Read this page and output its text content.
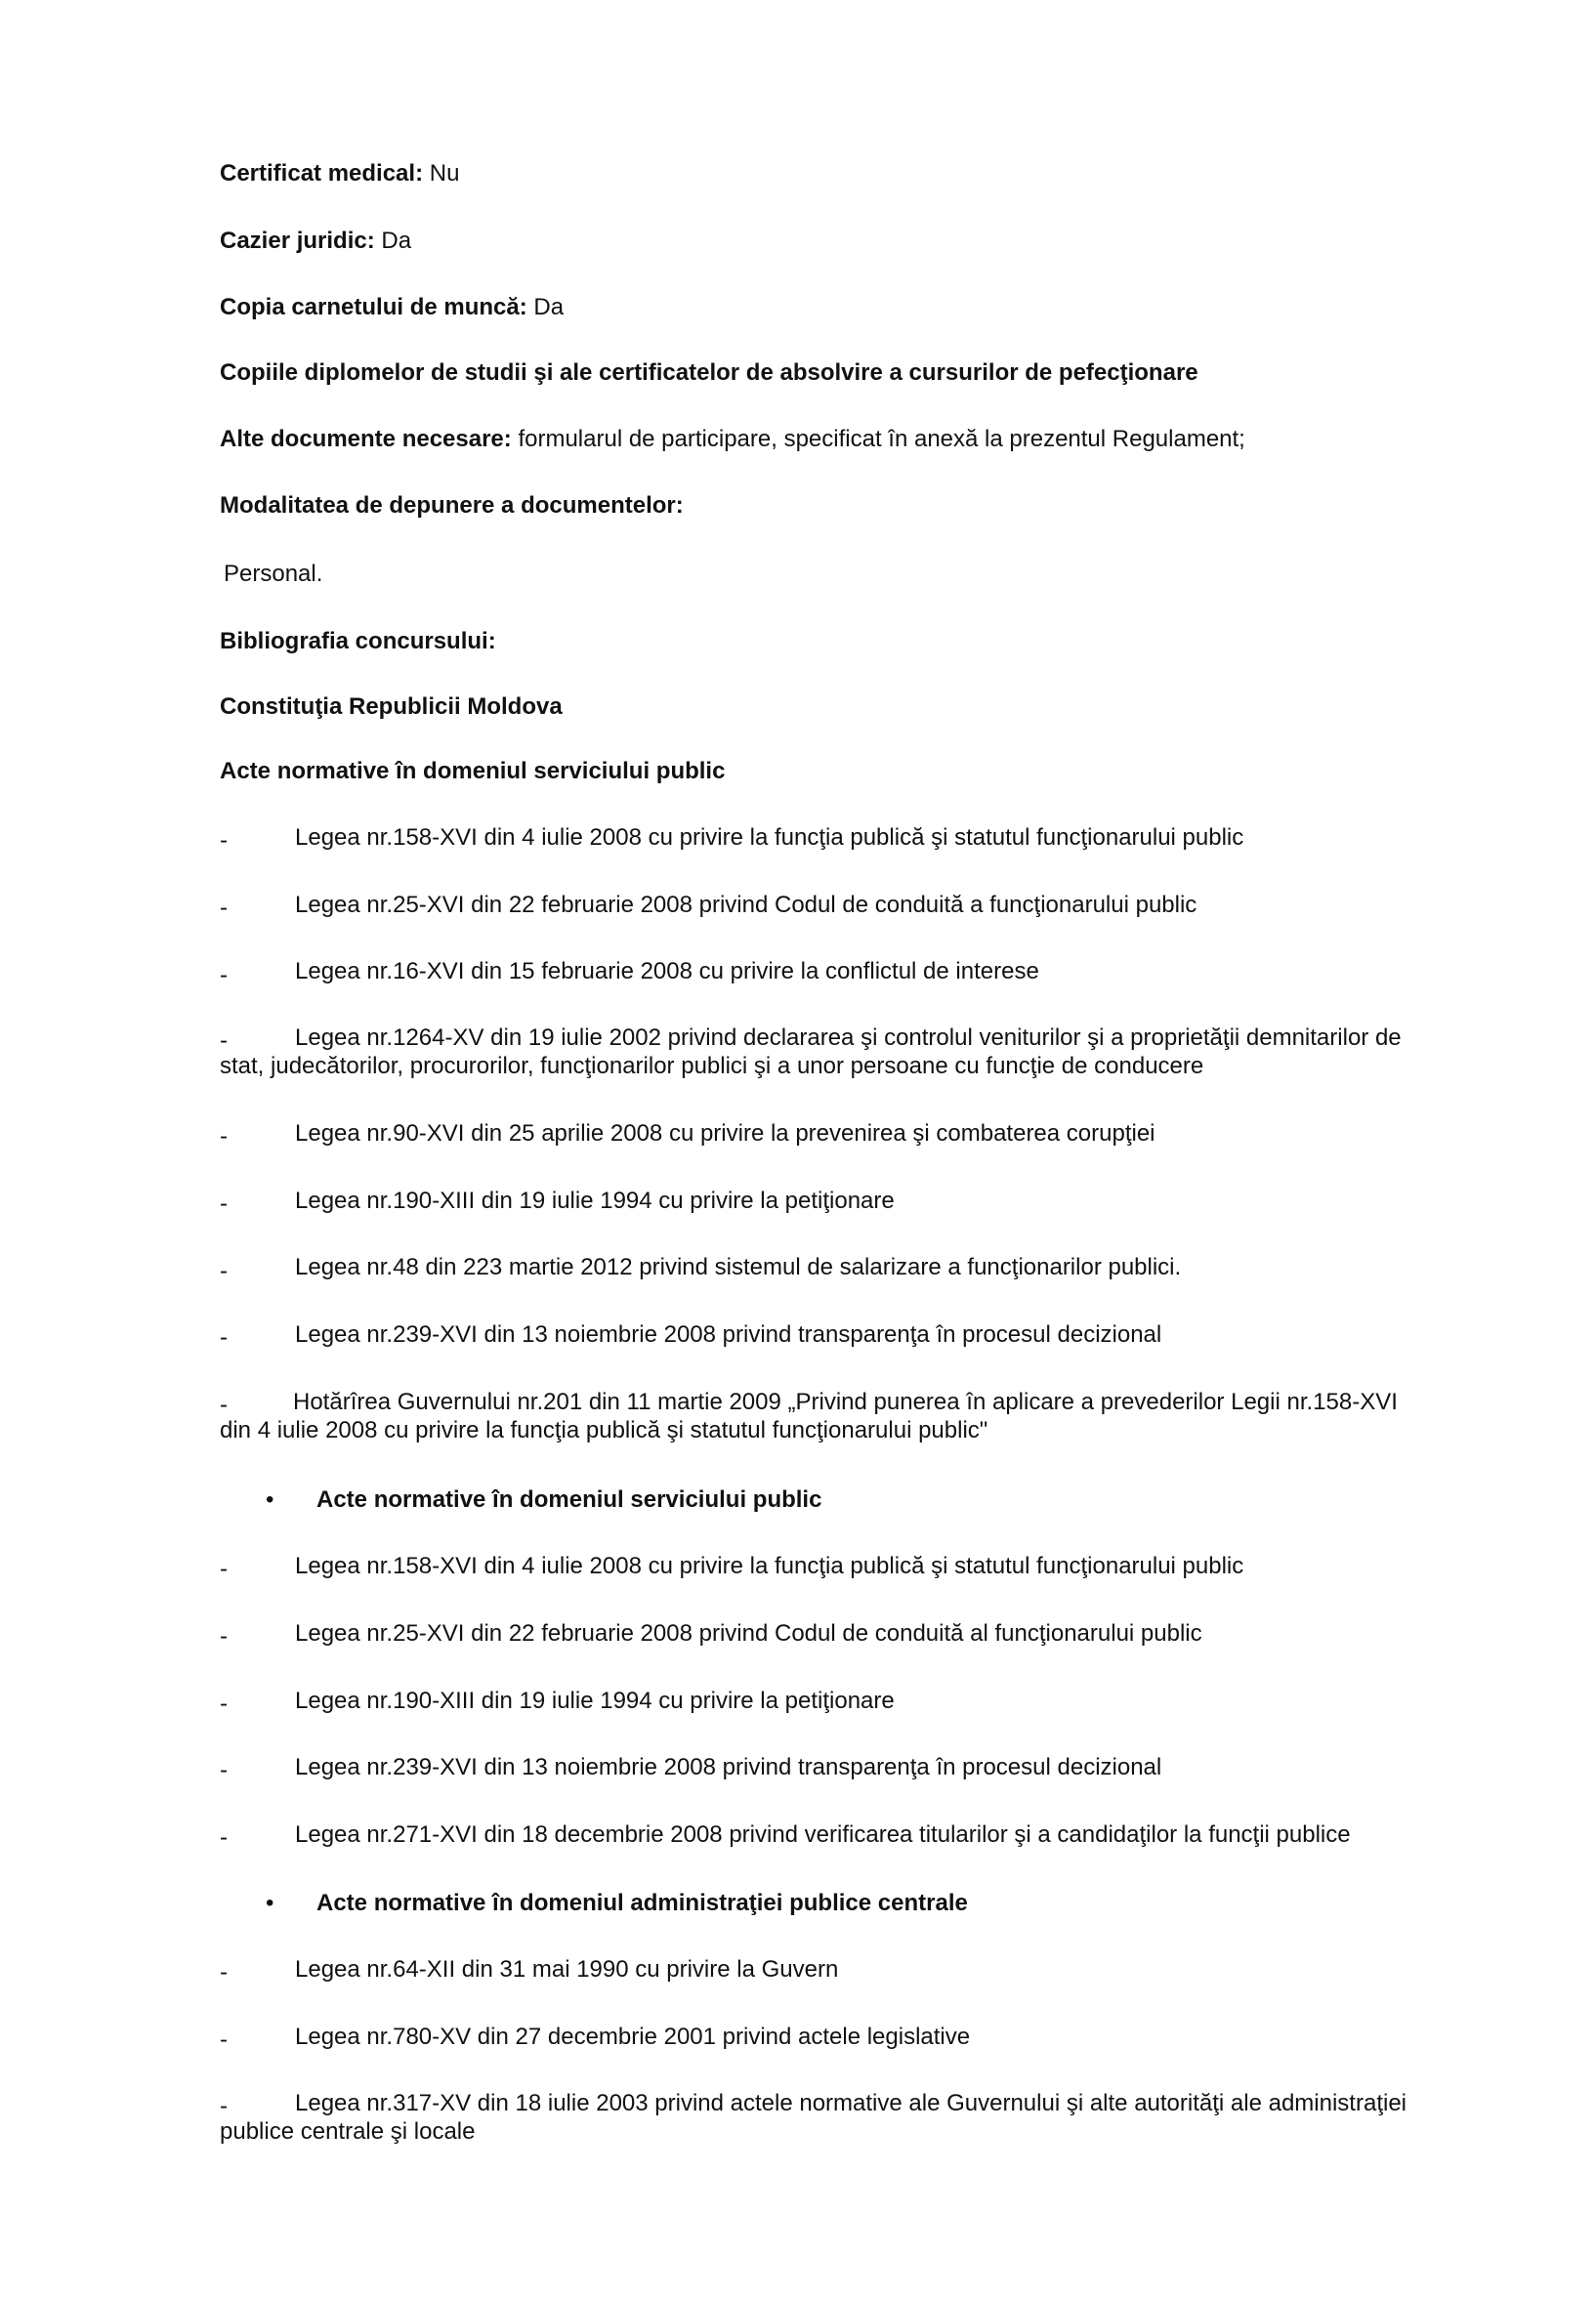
Certificat medical: Nu
Cazier juridic: Da
Copia carnetului de muncă: Da
Copiile diplomelor de studii şi ale certificatelor de absolvire a cursurilor de pefecţionare
Alte documente necesare: formularul de participare, specificat în anexă la prezentul Regulament;
Modalitatea de depunere a documentelor:
Personal.
Bibliografia concursului:
Constituţia Republicii Moldova
Acte normative în domeniul serviciului public
-	Legea nr.158-XVI din 4 iulie 2008 cu privire la funcţia publică şi statutul funcţionarului public
-	Legea nr.25-XVI din 22 februarie 2008 privind Codul de conduită a funcţionarului public
-	Legea nr.16-XVI din 15 februarie 2008 cu privire la conflictul de interese
-	Legea nr.1264-XV din 19 iulie 2002 privind declararea şi controlul veniturilor şi a proprietăţii demnitarilor de
stat, judecătorilor, procurorilor, funcţionarilor publici şi a unor persoane cu funcţie de conducere
-	Legea nr.90-XVI din 25 aprilie 2008 cu privire la prevenirea şi combaterea corupţiei
-	Legea nr.190-XIII din 19 iulie 1994 cu privire la petiţionare
-	Legea nr.48 din 223 martie 2012 privind sistemul de salarizare a funcţionarilor publici.
-	Legea nr.239-XVI din 13 noiembrie 2008 privind transparenţa în procesul decizional
-	Hotărîrea Guvernului nr.201 din 11 martie 2009 „Privind punerea în aplicare a prevederilor Legii nr.158-XVI
din 4 iulie 2008 cu privire la funcţia publică şi statutul funcţionarului public"
• Acte normative în domeniul serviciului public
-	Legea nr.158-XVI din 4 iulie 2008 cu privire la funcţia publică şi statutul funcţionarului public
-	Legea nr.25-XVI din 22 februarie 2008 privind Codul de conduită al funcţionarului public
-	Legea nr.190-XIII din 19 iulie 1994 cu privire la petiţionare
-	Legea nr.239-XVI din 13 noiembrie 2008 privind transparenţa în procesul decizional
-	Legea nr.271-XVI din 18 decembrie 2008 privind verificarea titularilor şi a candidaţilor la funcţii publice
• Acte normative în domeniul administraţiei publice centrale
-	Legea nr.64-XII din 31 mai 1990 cu privire la Guvern
-	Legea nr.780-XV din 27 decembrie 2001 privind actele legislative
-	Legea nr.317-XV din 18 iulie 2003 privind actele normative ale Guvernului şi alte autorităţi ale administraţiei
publice centrale şi locale
